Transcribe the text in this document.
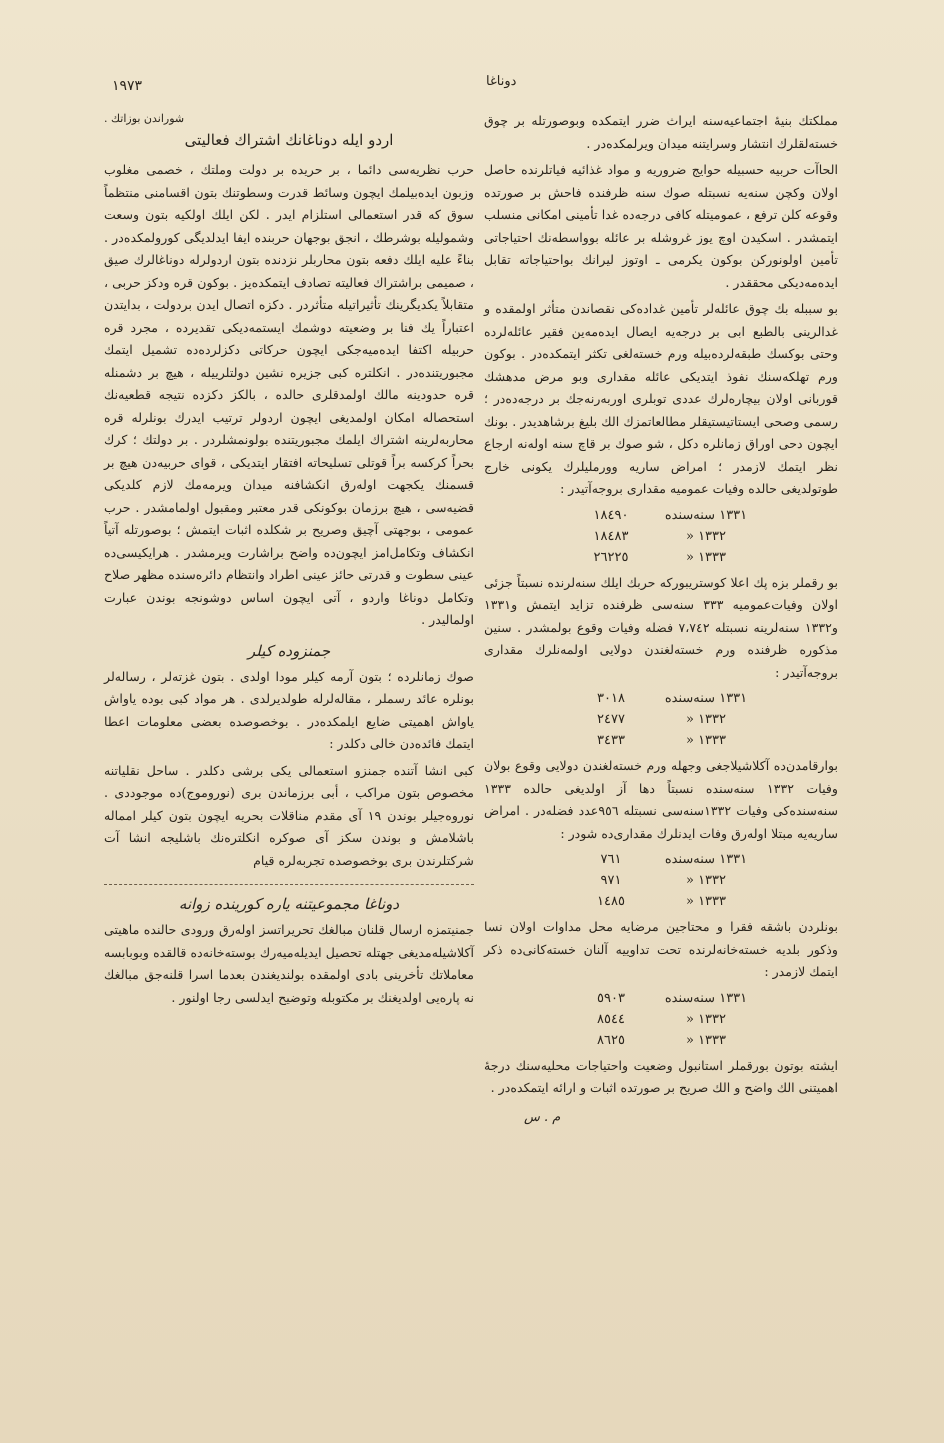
١٩٧٣	دوناغا
شوراندن بوزاتك .
اردو ایله دوناغانك اشتراك فعالیتی

حرب نظریه‌سی دائما ، بر حریده بر دولت وملتك ، خصمی مغلوب وزبون ایده‌بیلمك ایچون وسائط قدرت وسطوتنك بتون اقسامنی منتظماً سوق‌ که قدر استعمالی استلزام ایدر . لكن ایلك اولکیه بتون وسعت وشمولیله بوشرطك ، انجق بوجهان حربنده ایفا ایدلدیگی کورولمکده‌در . بناءً علیه ایلك دفعه بتون محاربلر نزدنده بتون اردولرله دوناغالرك صیق ، صمیمی براشتراك فعالیته تصادف ایتمکده‌یز . بوکون قره ودکز حربی ، متقابلاً یکدیگرینك تأثیراتیله متأثردر . دکزه اتصال ایدن بردولت ، بدایتدن اعتباراً یك فنا بر وضعیته دوشمك ایستمه‌دیکی تقدیرده ، مجرد قره حربیله اکتفا ایده‌میه‌جکی ایچون حرکاتی دکزلرده‌ده تشمیل ایتمك مجبوریتنده‌در . انکلتره کبی جزیره نشین دولتلرییله ، هیچ بر دشمنله قره حدودینه مالك اولمدقلری حالده ، بالکز دکزده نتیجه قطعیه‌نك استحصاله امکان اولمدیغی ایچون اردولر ترتیب ایدرك بونلرله قره محاربه‌لرینه اشتراك ایلمك مجبوریتنده بولونمشلردر . بر دولتك ؛ کرك بحراً کرکسه براً قوتلی تسلیحاته افتقار ایتدیکی ، قوای حربیه‌دن هیچ بر قسمنك یکجهت اوله‌رق انکشافنه میدان ویرمه‌مك لازم کلدیکی قضیه‌سی ، هیچ برزمان بوکونکی قدر معتبر ومقبول اولمامشدر . حرب عمومی ، بوجهتی آچیق وصریح بر شکلده اثبات ایتمش ؛ بوصورتله آتیاً انکشاف وتکامل‌امز ایچون‌ده واضح براشارت ویرمشدر . هرایکیسی‌ده عینی سطوت و قدرتی حائز عینی اطراد وانتظام دائره‌سنده مظهر صلاح وتکامل دوناغا واردو ، آتی ایچون اساس دوشونجه بوندن عبارت اولمالیدر .

جمنزوده کیلر

صوك زمانلرده ؛ بتون آرمه کیلر مودا اولدی . بتون غزته‌لر ، رساله‌لر بونلره عائد رسملر ، مقاله‌لرله طولدیرلدی . هر مواد کبی بوده یاواش یاواش اهمیتی ضایع ایلمکده‌در . بوخصوصده بعضی معلومات اعطا ایتمك فائده‌دن خالی دکلدر :

کبی انشا آتنده جمنزو استعمالی یکی برشی دکلدر . ساحل نقلیاتنه مخصوص بتون مراکب ، أبی برزماندن بری (نوروموج)ده موجوددی . نوروه‌جیلر بوندن ١٩ آی مقدم مناقلات بحریه ایچون بتون کیلر امماله باشلامش و بوندن سکز آی صوکره انکلتره‌نك باشلیجه انشا آت شرکتلرندن بری بوخصوصده تجربه‌لره قیام

دوناغا مجموعیتنه یاره کورینده زوانه

جمنیتمزه ارسال قلنان مبالغك تحریراتسز اوله‌رق ورودی حالنده ماهیتی آکلاشیله‌مدیغی جهتله تحصیل ایدیله‌میه‌رك بوسته‌خانه‌ده قالقده وبوبابسه معاملاتك تأخرینی بادی اولمقده بولندیغندن بعدما اسرا قلنه‌جق مبالغك نه پاره‌یی اولدیغنك بر مکتوبله وتوضیح ایدلسی رجا اولنور .

مملکتك بنیهٔ اجتماعیه‌سنه ایراث ضرر ایتمکده وبوصورتله بر چوق خسته‌لقلرك انتشار وسرایتنه میدان ویرلمکده‌در .

الحاآت حربیه حسبیله حوایج ضروریه و مواد غذائیه فیاتلرنده حاصل اولان وکچن سنه‌یه نسبتله صوك سنه ظرفنده فاحش بر صورتده وقوعه کلن ترفع ، عمومیتله کافی درجه‌ده غدا تأمینی امکانی منسلب ایتمشدر . اسکیدن اوچ یوز غروشله بر عائله بوواسطه‌نك احتیاجاتی تأمین اولونورکن بوکون یکرمی ـ اوتوز لیرانك بواحتیاجاته تقابل ایده‌مه‌دیکی محققدر .

بو سببله بك چوق عائله‌لر تأمین غداده‌کی نقصاندن متأثر اولمقده و غدالرینی بالطبع ابی بر درجه‌یه ایصال ایده‌مه‌ین فقیر عائله‌لرده وحتی بوکسك طبقه‌لرده‌بیله ورم خسته‌لغی تکثر ایتمکده‌در . بوکون ورم تهلکه‌سنك نفوذ ایتدیکی عائله مقداری وبو مرض مدهشك قوربانی اولان بیچاره‌لرك عددی توبلری اوربه‌رنه‌جك بر درجه‌ده‌در ؛ رسمی وصحی ایستاتیستیقلر مطالعاتمزك الك بلیغ برشاهدیدر . بونك ایچون دحی اوراق زمانلره دکل ، شو صوك بر قاچ سنه اوله‌نه ارجاع نظر ایتمك لازمدر ؛ امراض ساریه وورملیلرك یکونی خارج طوتولدیغی حالده وفیات عمومیه مقداری بروجه‌آتیدر :

١٣٣١ سنه‌سنده
١٨٤٩٠
١٣٣٢ «
١٨٤٨٣
١٣٣٣ «
٢٦٢٢٥

بو رقملر بزه پك اعلا کوستریبورکه حربك ایلك سنه‌لرنده نسبتاً جزئی اولان وفیات‌عمومیه ٣٣٣ سنه‌سی ظرفنده تزاید ایتمش و١٣٣١ و١٣٣٢ سنه‌لرینه نسبتله ٧،٧٤٢ فضله وفیات وقوع بولمشدر . سنین مذکوره ظرفنده ورم خسته‌لغندن دولایی اولمه‌نلرك مقداری بروجه‌آتیدر :

١٣٣١ سنه‌سنده
٣٠١٨
١٣٣٢ «
٢٤٧٧
١٣٣٣ «
٣٤٣٣

بوارقامدن‌ده آکلاشیلاجغی وجهله ورم خسته‌لغندن دولایی وقوع بولان وفیات ١٣٣٢ سنه‌سنده نسبتاً دها آز اولدیغی حالده ١٣٣٣ سنه‌سنده‌کی وفیات ١٣٣٢سنه‌سی نسبتله ٩٥٦عدد فضله‌در . امراض ساریه‌یه مبتلا اوله‌رق وفات ایدنلرك مقداری‌ده شودر :

١٣٣١ سنه‌سنده
٧٦١
١٣٣٢ «
٩٧١
١٣٣٣ «
١٤٨٥

بونلردن باشقه فقرا و محتاجین مرضایه محل مداوات اولان نسا وذکور بلدیه خسته‌خانه‌لرنده تحت تداوییه آلنان خسته‌کانی‌ده ذکر ایتمك لازمدر :

١٣٣١ سنه‌سنده
٥٩٠٣
١٣٣٢ «
٨٥٤٤
١٣٣٣ «
٨٦٢٥

ایشته بوتون بورقملر استانبول وضعیت واحتیاجات محلیه‌سنك درجهٔ اهمیتنی الك واضح و الك صریح بر صورتده اثبات و ارائه ایتمکده‌در .

م . س
